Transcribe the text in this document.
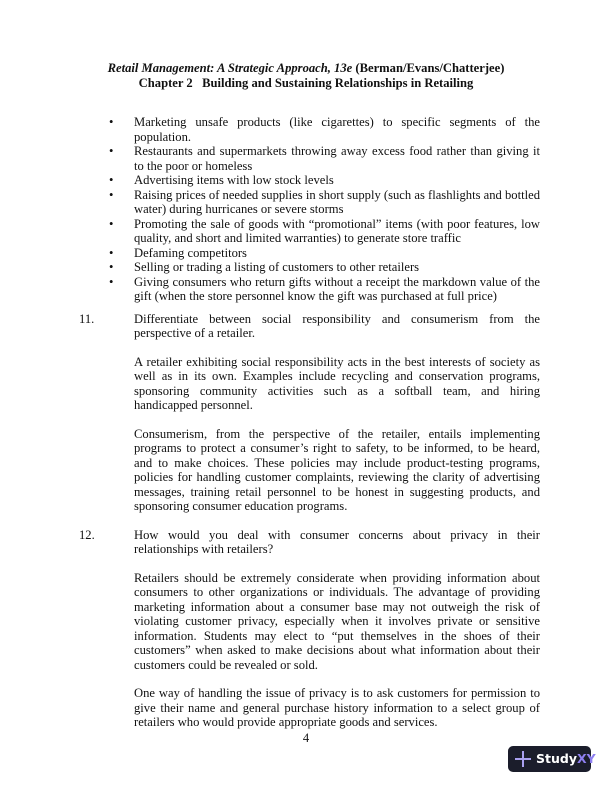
Retail Management: A Strategic Approach, 13e (Berman/Evans/Chatterjee)
Chapter 2   Building and Sustaining Relationships in Retailing
•	Marketing unsafe products (like cigarettes) to specific segments of the population.
•	Restaurants and supermarkets throwing away excess food rather than giving it to the poor or homeless
•	Advertising items with low stock levels
•	Raising prices of needed supplies in short supply (such as flashlights and bottled water) during hurricanes or severe storms
•	Promoting the sale of goods with “promotional” items (with poor features, low quality, and short and limited warranties) to generate store traffic
•	Defaming competitors
•	Selling or trading a listing of customers to other retailers
•	Giving consumers who return gifts without a receipt the markdown value of the gift (when the store personnel know the gift was purchased at full price)
11.	Differentiate between social responsibility and consumerism from the perspective of a retailer.
A retailer exhibiting social responsibility acts in the best interests of society as well as in its own. Examples include recycling and conservation programs, sponsoring community activities such as a softball team, and hiring handicapped personnel.
Consumerism, from the perspective of the retailer, entails implementing programs to protect a consumer’s right to safety, to be informed, to be heard, and to make choices. These policies may include product-testing programs, policies for handling customer complaints, reviewing the clarity of advertising messages, training retail personnel to be honest in suggesting products, and sponsoring consumer education programs.
12.	How would you deal with consumer concerns about privacy in their relationships with retailers?
Retailers should be extremely considerate when providing information about consumers to other organizations or individuals. The advantage of providing marketing information about a consumer base may not outweigh the risk of violating customer privacy, especially when it involves private or sensitive information. Students may elect to “put themselves in the shoes of their customers” when asked to make decisions about what information about their customers could be revealed or sold.
One way of handling the issue of privacy is to ask customers for permission to give their name and general purchase history information to a select group of retailers who would provide appropriate goods and services.
4
Study XY
